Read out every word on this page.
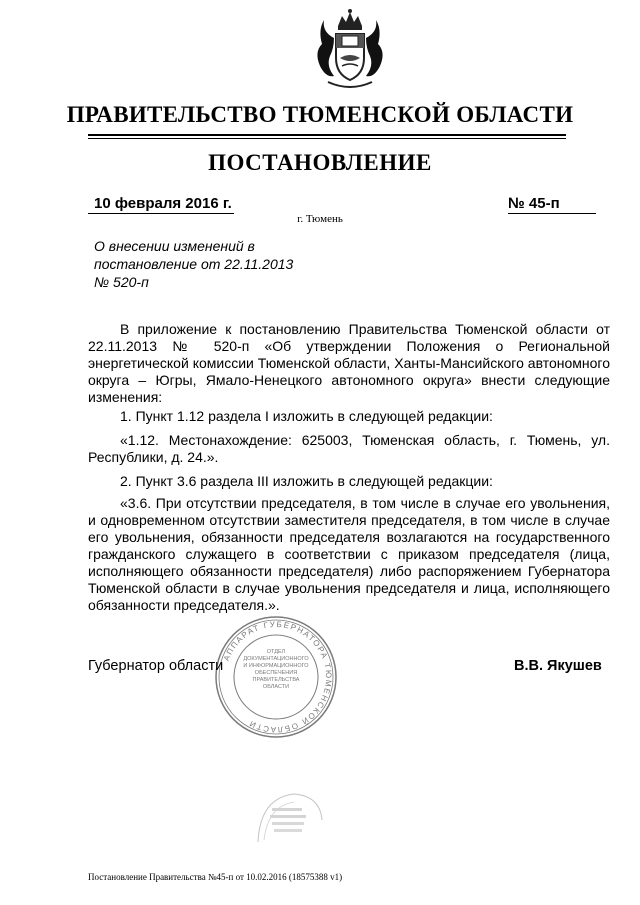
ПРАВИТЕЛЬСТВО ТЮМЕНСКОЙ ОБЛАСТИ
ПОСТАНОВЛЕНИЕ
10 февраля 2016 г.	№ 45-п
г. Тюмень
О внесении изменений в
постановление от 22.11.2013
№ 520-п
В приложение к постановлению Правительства Тюменской области от 22.11.2013 № 520-п «Об утверждении Положения о Региональной энергетической комиссии Тюменской области, Ханты-Мансийского автономного округа – Югры, Ямало-Ненецкого автономного округа» внести следующие изменения:
1. Пункт 1.12 раздела I изложить в следующей редакции:
«1.12. Местонахождение: 625003, Тюменская область, г. Тюмень, ул. Республики, д. 24.».
2. Пункт 3.6 раздела III изложить в следующей редакции:
«3.6. При отсутствии председателя, в том числе в случае его увольнения, и одновременном отсутствии заместителя председателя, в том числе в случае его увольнения, обязанности председателя возлагаются на государственного гражданского служащего в соответствии с приказом председателя (лица, исполняющего обязанности председателя) либо распоряжением Губернатора Тюменской области в случае увольнения председателя и лица, исполняющего обязанности председателя.».
АППАРАТ ГУБЕРНАТОРА ТЮМЕНСКОЙ ОБЛАСТИ
ОТДЕЛ ДОКУМЕНТАЦИОННОГО И ИНФОРМАЦИОННОГО ОБЕСПЕЧЕНИЯ ПРАВИТЕЛЬСТВА ОБЛАСТИ
Губернатор области	В.В. Якушев
Постановление Правительства №45-п от 10.02.2016 (18575388 v1)
